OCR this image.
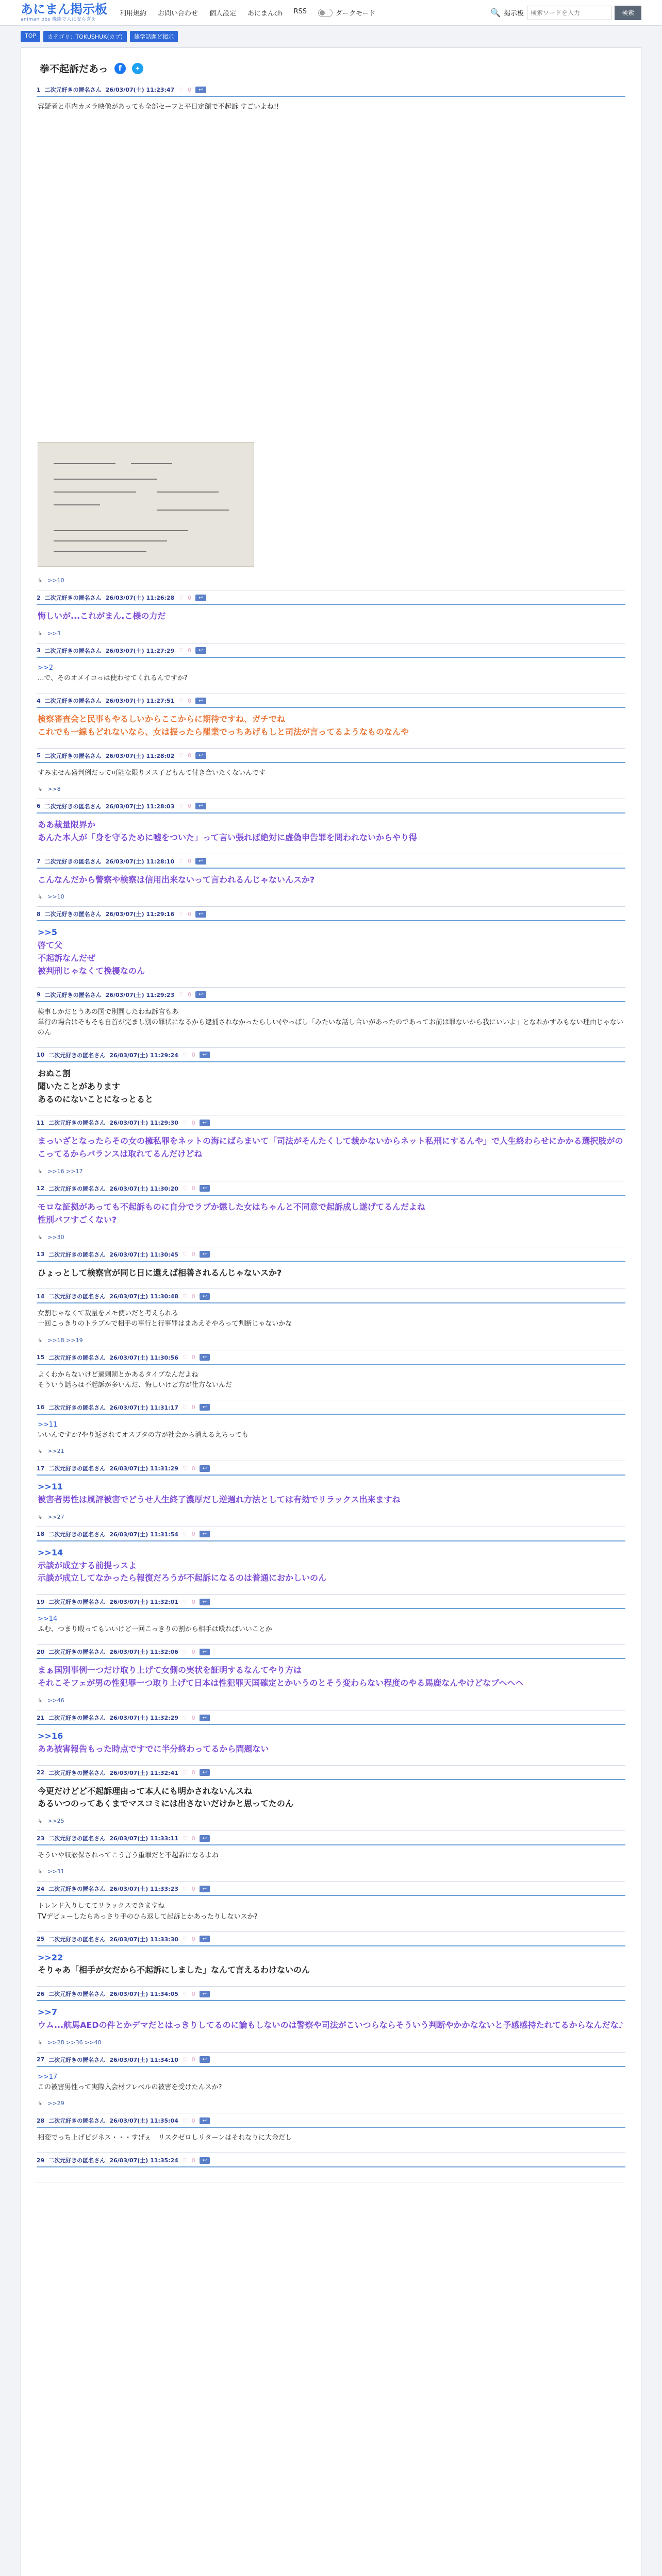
あにまん掲示板
animan bbs 機能で人に安らぎを
利用規約 お問い合わせ 個人設定 あにまんch RSS	ダークモード	🔍 掲示板
検索ワードを入力	検索
TOP	カテゴリ：TOKUSHUK(カプ)	雑学話題ど掲示
拳不起訴だあっ	f	✦
1 二次元好きの匿名さん 26/03/07(土) 11:23:47 ♡ 0	↩
容疑者と車内カメラ映像があっても全部セーフと平日定額で不起訴 すごいよね!!
↳ >>10
2 二次元好きの匿名さん 26/03/07(土) 11:26:28 ♡ 0	↩
悔しいが...これがまん.こ様の力だ
↳ >>3
3 二次元好きの匿名さん 26/03/07(土) 11:27:29 ♡ 0	↩
>>2
...で、そのオメイコっは使わせてくれるんですか?
4 二次元好きの匿名さん 26/03/07(土) 11:27:51 ♡ 0	↩
検察審査会と民事もやるしいからここからに期待ですね、ガチでね
これでも一線もどれないなら、女は振ったら罷業でっちあげもしと司法が言ってるようなものなんや
5 二次元好きの匿名さん 26/03/07(土) 11:28:02 ♡ 0	↩
すみません盛判例だって可能な限りメス子どもんて付き合いたくないんです
↳ >>8
6 二次元好きの匿名さん 26/03/07(土) 11:28:03 ♡ 0	↩
ああ裁量限界か
あんた本人が「身を守るために嘘をついた」って言い張れば絶対に虚偽申告罪を問われないからやり得
7 二次元好きの匿名さん 26/03/07(土) 11:28:10 ♡ 0	↩
こんなんだから警察や検察は信用出来ないって言われるんじゃないんスか?
↳ >>10
8 二次元好きの匿名さん 26/03/07(土) 11:29:16 ♡ 0	↩
>>5
啓て父
不起訴なんだぜ
被判刑じゃなくて挽擾なのん
9 二次元好きの匿名さん 26/03/07(土) 11:29:23 ♡ 0	↩
検事しかだとうあの国で別罰したわね訴官もあ
単行の場合はそもそも自首が完まし別の罪状になるから逮捕されなかったらしい(やっぱし「みたいな話し合いがあったのであってお前は罪ないから我にいいよ」となれかすみもない理由じゃないのん
10 二次元好きの匿名さん 26/03/07(土) 11:29:24 ♡ 0	↩
おぬこ割
聞いたことがあります
あるのにないことになっとると
11 二次元好きの匿名さん 26/03/07(土) 11:29:30 ♡ 0	↩
まっいざとなったらその女の擁私罪をネットの海にばらまいて「司法がそんたくして裁かないからネット私刑にするんや」で人生終わらせにかかる選択肢がのこってるからバランスは取れてるんだけどね
↳ >>16 >>17
12 二次元好きの匿名さん 26/03/07(土) 11:30:20 ♡ 0	↩
モロな証拠があっても不起訴ものに自分でラブか懲した女はちゃんと不同意で起訴成し遂げてるんだよね
性別バフすごくない?
↳ >>30
13 二次元好きの匿名さん 26/03/07(土) 11:30:45 ♡ 0	↩
ひょっとして検察官が同じ日に還えば相善されるんじゃないスか?
14 二次元好きの匿名さん 26/03/07(土) 11:30:48 ♡ 0	↩
女割じゃなくて裁量をメモ使いだと考えられる
一回こっきりのトラブルで相手の事行と行事罪はまあえそやろって判断じゃないかな
↳ >>18 >>19
15 二次元好きの匿名さん 26/03/07(土) 11:30:56 ♡ 0	↩
よくわからないけど過剰罰とかあるタイプなんだよね
そういう話らは不起訴が多いんだ、悔しいけど方が仕方ないんだ
16 二次元好きの匿名さん 26/03/07(土) 11:31:17 ♡ 0	↩
>>11
いいんですか?やり返されてオスブタの方が社会から消えるえちっても
↳ >>21
17 二次元好きの匿名さん 26/03/07(土) 11:31:29 ♡ 0	↩
>>11
被害者男性は風評被害でどうせ人生終了濃厚だし逆週れ方法としては有効でリラックス出来ますね
↳ >>27
18 二次元好きの匿名さん 26/03/07(土) 11:31:54 ♡ 0	↩
>>14
示談が成立する前提っスよ
示談が成立してなかったら報復だろうが不起訴になるのは普通におかしいのん
19 二次元好きの匿名さん 26/03/07(土) 11:32:01 ♡ 0	↩
>>14
ふむ、つまり殴ってもいいけど一回こっきりの割から相手は殴ればいいことか
20 二次元好きの匿名さん 26/03/07(土) 11:32:06 ♡ 0	↩
まぁ国別事例一つだけ取り上げて女側の実状を証明するなんてやり方は
それこそフェが男の性犯罪一つ取り上げて日本は性犯罪天国確定とかいうのとそう変わらない程度のやる馬鹿なんやけどなブヘヘヘ
↳ >>46
21 二次元好きの匿名さん 26/03/07(土) 11:32:29 ♡ 0	↩
>>16
ああ被害報告もった時点ですでに半分終わってるから問題ない
22 二次元好きの匿名さん 26/03/07(土) 11:32:41 ♡ 0	↩
今更だけどど不起訴理由って本人にも明かされないんスね
あるいつのってあくまでマスコミには出さないだけかと思ってたのん
↳ >>25
23 二次元好きの匿名さん 26/03/07(土) 11:33:11 ♡ 0	↩
そういや収訟保されってこう言う重罪だと不起訴になるよね
↳ >>31
24 二次元好きの匿名さん 26/03/07(土) 11:33:23 ♡ 0	↩
トレンド入りしててリラックスできますね
TVデビューしたらあっさり手のひら返して起訴とかあったりしないスか?
25 二次元好きの匿名さん 26/03/07(土) 11:33:30 ♡ 0	↩
>>22
そりゃあ「相手が女だから不起訴にしました」なんて言えるわけないのん
26 二次元好きの匿名さん 26/03/07(土) 11:34:05 ♡ 0	↩
>>7
ウム...航馬AEDの件とかデマだとはっきりしてるのに論もしないのは警察や司法がこいつらならそういう判断やかかなないと予感感持たれてるからなんだな♪
↳ >>28 >>36 >>40
27 二次元好きの匿名さん 26/03/07(土) 11:34:10 ♡ 0	↩
>>17
この被害男性って実際入会材フレベルの被害を受けたんスか?
↳ >>29
28 二次元好きの匿名さん 26/03/07(土) 11:35:04 ♡ 0	↩
相変でっち上げビジネス・・・すげぇ　リスクゼロしリターンはそれなりに大金だし
29 二次元好きの匿名さん 26/03/07(土) 11:35:24 ♡ 0	↩
